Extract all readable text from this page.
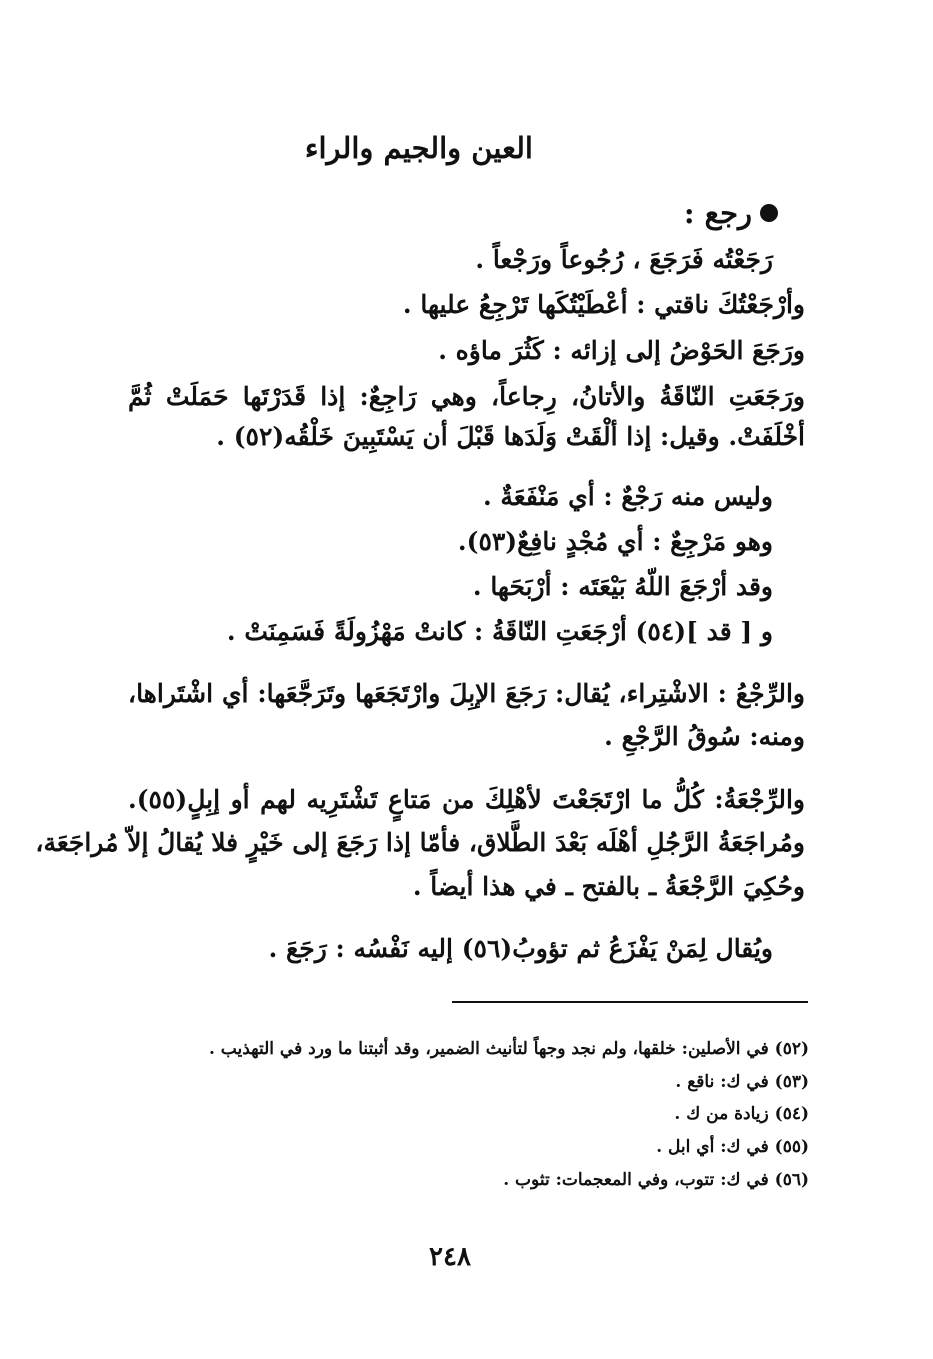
العين والجيم والراء
رجع :
رَجَعْتُه فَرَجَعَ ، رُجُوعاً ورَجْعاً .
وأرْجَعْتُكَ ناقتي : أعْطَيْتُكَها تَرْجِعُ عليها .
ورَجَعَ الحَوْضُ إلى إزائه : كَثُرَ ماؤه .
ورَجَعَتِ النّاقَةُ والأتانُ، رِجاعاً، وهي رَاجِعٌ: إذا قَدَرْتَها حَمَلَتْ ثُمَّ
أخْلَفَتْ. وقيل: إذا ألْقَتْ وَلَدَها قَبْلَ أن يَسْتَبِينَ خَلْقُه(٥٢) .
وليس منه رَجْعٌ : أي مَنْفَعَةٌ .
وهو مَرْجِعٌ : أي مُجْدٍ نافِعٌ(٥٣).
وقد أرْجَعَ اللّهُ بَيْعَتَه : أرْبَحَها .
و [ قد ](٥٤) أرْجَعَتِ النّاقَةُ : كانتْ مَهْزُولَةً فَسَمِنَتْ .
والرِّجْعُ : الاشْتِراء، يُقال: رَجَعَ الإبِلَ وارْتَجَعَها وتَرَجَّعَها: أي اشْتَراها،
ومنه: سُوقُ الرَّجْعِ .
والرِّجْعَةُ: كُلُّ ما ارْتَجَعْتَ لأهْلِكَ من مَتاعٍ تَشْتَرِيه لهم أو إبِلٍ(٥٥).
ومُراجَعَةُ الرَّجُلِ أهْلَه بَعْدَ الطَّلاق، فأمّا إذا رَجَعَ إلى خَيْرٍ فلا يُقالُ إلاّ مُراجَعَة،
وحُكِيَ الرَّجْعَةُ ـ بالفتح ـ في هذا أيضاً .
ويُقال لِمَنْ يَفْزَعُ ثم تؤوبُ(٥٦) إليه نَفْسُه : رَجَعَ .
(٥٢) في الأصلين: خلقها، ولم نجد وجهاً لتأنيث الضمير، وقد أثبتنا ما ورد في التهذيب .
(٥٣) في ك: ناقع .
(٥٤) زيادة من ك .
(٥٥) في ك: أي ابل .
(٥٦) في ك: تتوب، وفي المعجمات: تثوب .
٢٤٨
